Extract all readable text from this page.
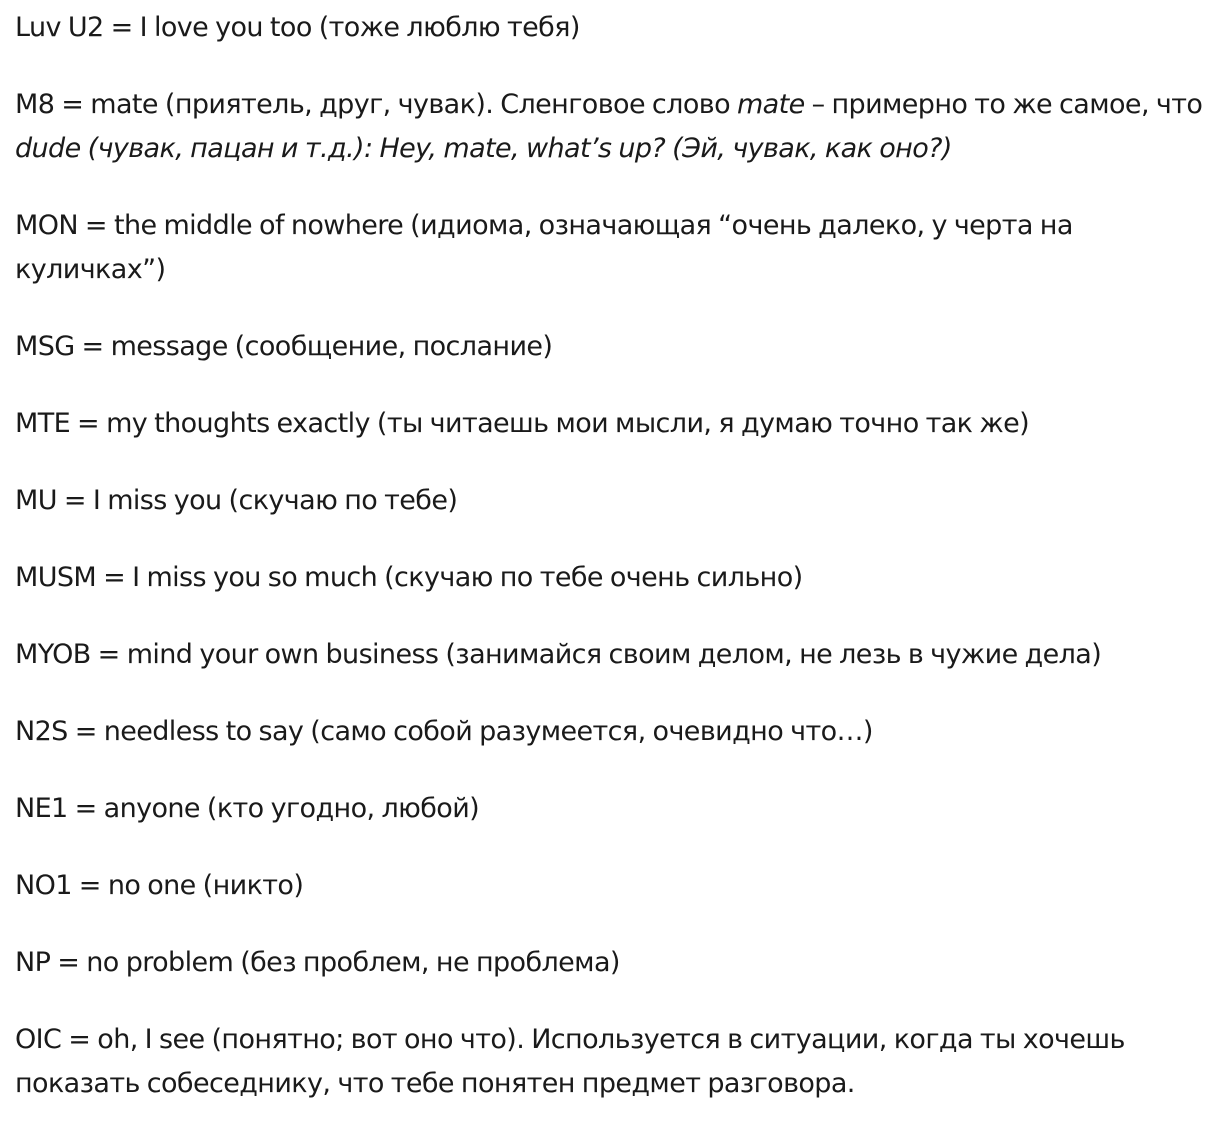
Luv U2 = I love you too (тоже люблю тебя)

M8 = mate (приятель, друг, чувак). Сленговое слово mate – примерно то же самое, что dude (чувак, пацан и т.д.): Hey, mate, what’s up? (Эй, чувак, как оно?)

MON = the middle of nowhere (идиома, означающая “очень далеко, у черта на куличках”)

MSG = message (сообщение, послание)

MTE = my thoughts exactly (ты читаешь мои мысли, я думаю точно так же)

MU = I miss you (скучаю по тебе)

MUSM = I miss you so much (скучаю по тебе очень сильно)

MYOB = mind your own business (занимайся своим делом, не лезь в чужие дела)

N2S = needless to say (само собой разумеется, очевидно что…)

NE1 = anyone (кто угодно, любой)

NO1 = no one (никто)

NP = no problem (без проблем, не проблема)

OIC = oh, I see (понятно; вот оно что). Используется в ситуации, когда ты хочешь показать собеседнику, что тебе понятен предмет разговора.
